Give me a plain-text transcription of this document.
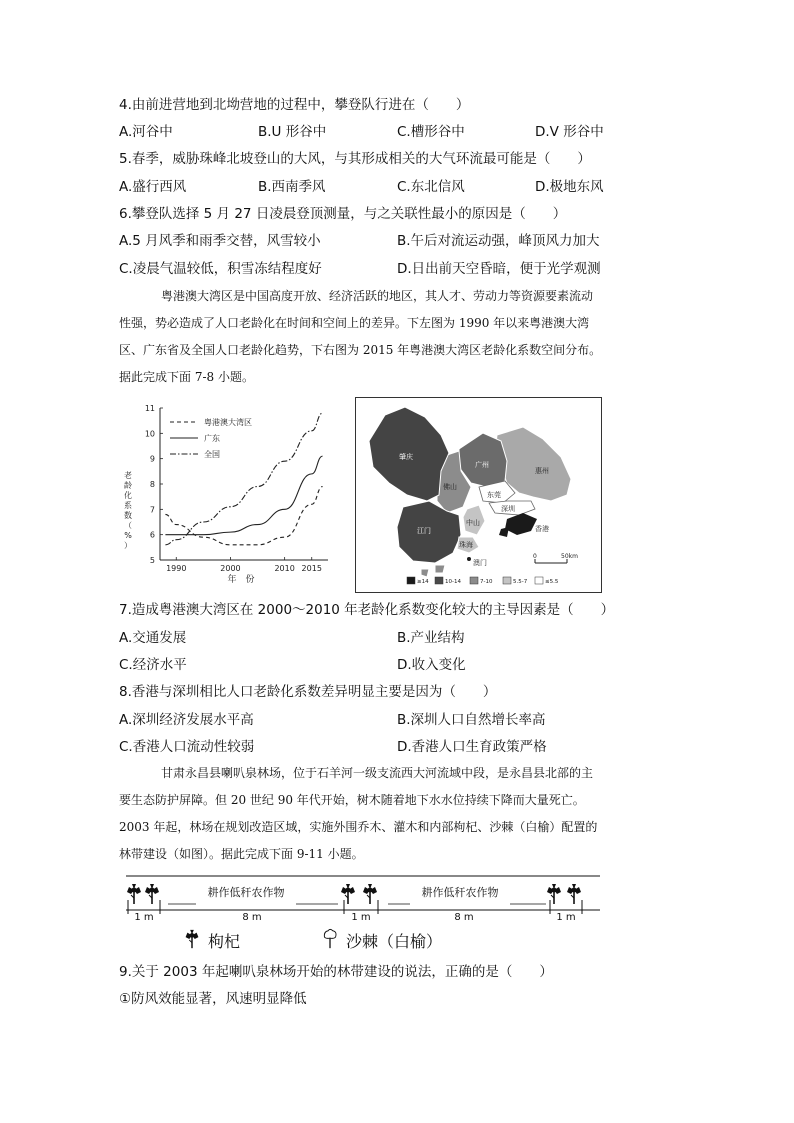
4.由前进营地到北坳营地的过程中，攀登队行进在（　　）
A.河谷中	B.U 形谷中	C.槽形谷中	D.V 形谷中
5.春季，威胁珠峰北坡登山的大风，与其形成相关的大气环流最可能是（　　）
A.盛行西风	B.西南季风	C.东北信风	D.极地东风
6.攀登队选择 5 月 27 日凌晨登顶测量，与之关联性最小的原因是（　　）
A.5 月风季和雨季交替，风雪较小	B.午后对流运动强，峰顶风力加大
C.凌晨气温较低，积雪冻结程度好	D.日出前天空昏暗，便于光学观测
粤港澳大湾区是中国高度开放、经济活跃的地区，其人才、劳动力等资源要素流动
性强，势必造成了人口老龄化在时间和空间上的差异。下左图为 1990 年以来粤港澳大湾
区、广东省及全国人口老龄化趋势，下右图为 2015 年粤港澳大湾区老龄化系数空间分布。
据此完成下面 7-8 小题。
5
6
7
8
9
10
11
1990	2000	2010 2015
粤港澳大湾区
广东
全国
老龄化系数（%）
年　份
肇庆
广州
惠州
佛山
东莞
深圳
中山
江门
珠海
澳门
香港
0	50km
≥14	10-14	7-10	5.5-7	≤5.5
7.造成粤港澳大湾区在 2000～2010 年老龄化系数变化较大的主导因素是（　　）
A.交通发展	B.产业结构
C.经济水平	D.收入变化
8.香港与深圳相比人口老龄化系数差异明显主要是因为（　　）
A.深圳经济发展水平高	B.深圳人口自然增长率高
C.香港人口流动性较弱	D.香港人口生育政策严格
甘肃永昌县喇叭泉林场，位于石羊河一级支流西大河流域中段，是永昌县北部的主
要生态防护屏障。但 20 世纪 90 年代开始，树木随着地下水水位持续下降而大量死亡。
2003 年起，林场在规划改造区域，实施外围乔木、灌木和内部枸杞、沙棘（白榆）配置的
林带建设（如图）。据此完成下面 9-11 小题。
耕作低秆农作物	耕作低秆农作物
1 m	8 m	1 m	8 m	1 m
枸杞	沙棘（白榆）
9.关于 2003 年起喇叭泉林场开始的林带建设的说法，正确的是（　　）
①防风效能显著，风速明显降低
